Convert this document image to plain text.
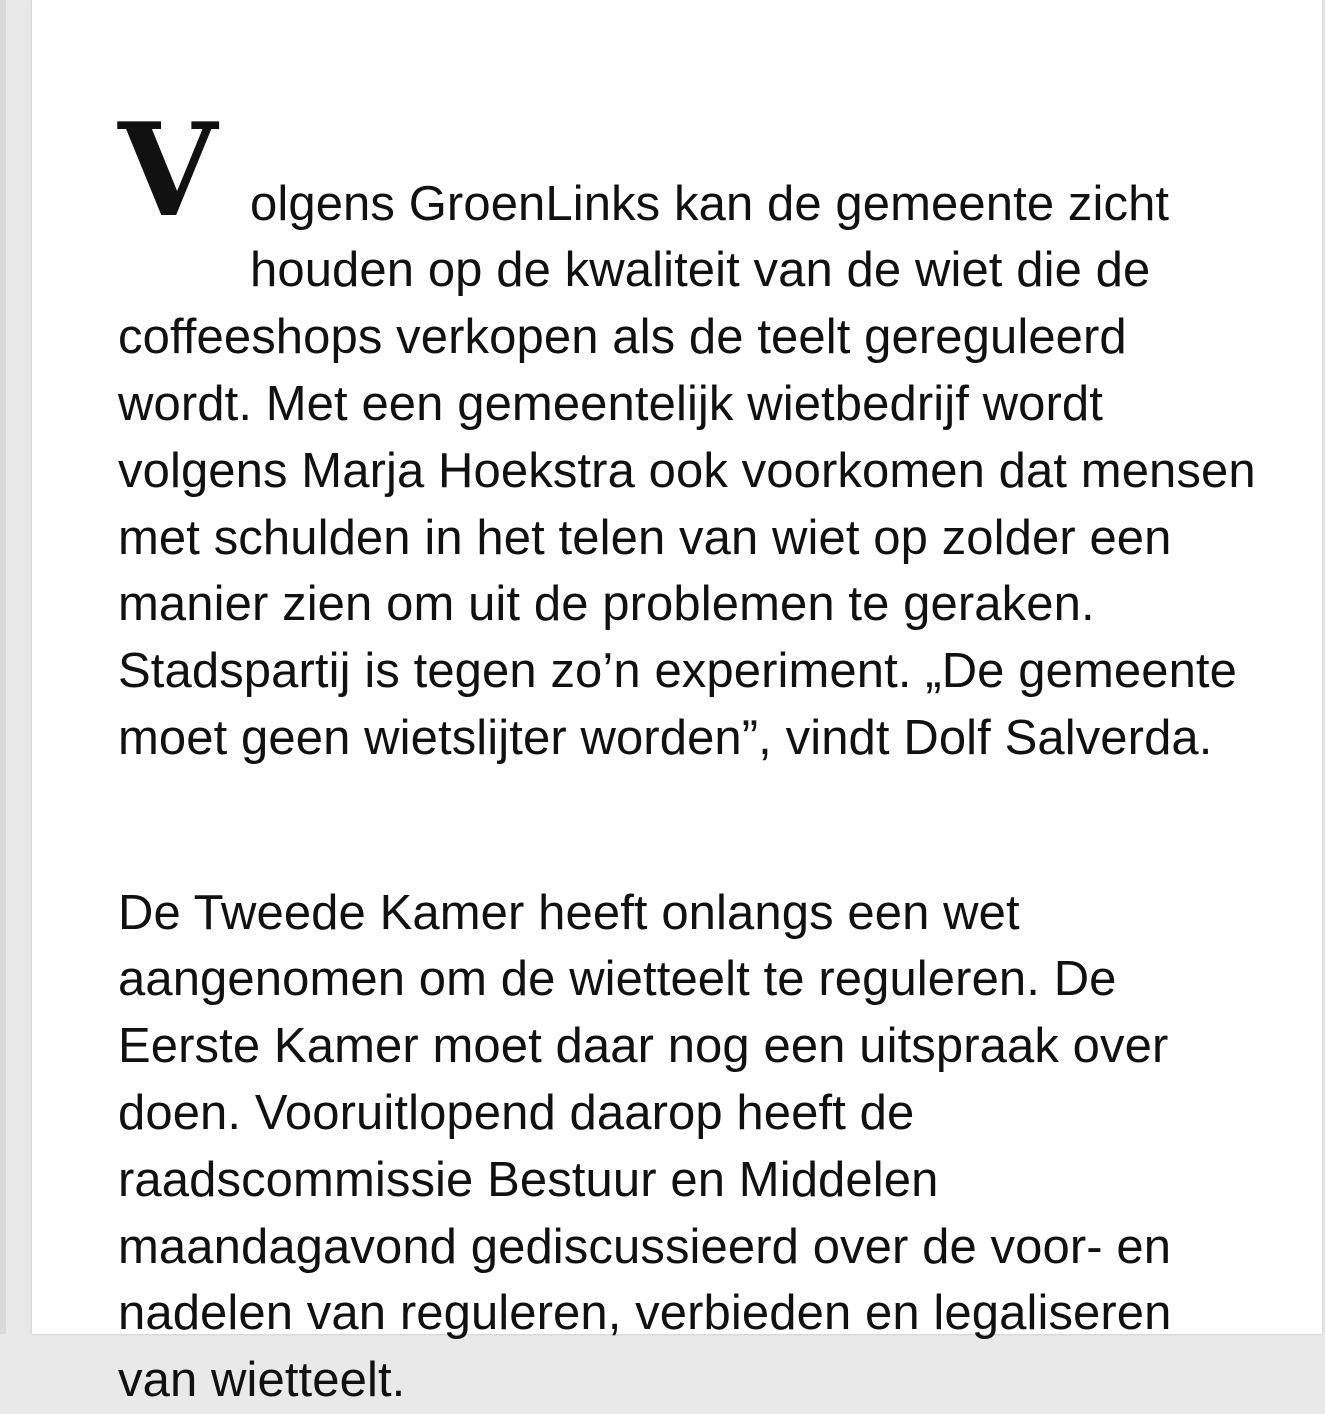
V olgens GroenLinks kan de gemeente zicht houden op de kwaliteit van de wiet die de coffeeshops verkopen als de teelt gereguleerd wordt. Met een gemeentelijk wietbedrijf wordt volgens Marja Hoekstra ook voorkomen dat mensen met schulden in het telen van wiet op zolder een manier zien om uit de problemen te geraken. Stadspartij is tegen zo’n experiment. „De gemeente moet geen wietslijter worden”, vindt Dolf Salverda.

De Tweede Kamer heeft onlangs een wet aangenomen om de wietteelt te reguleren. De Eerste Kamer moet daar nog een uitspraak over doen. Vooruitlopend daarop heeft de raadscommissie Bestuur en Middelen maandagavond gediscussieerd over de voor- en nadelen van reguleren, verbieden en legaliseren van wietteelt.
